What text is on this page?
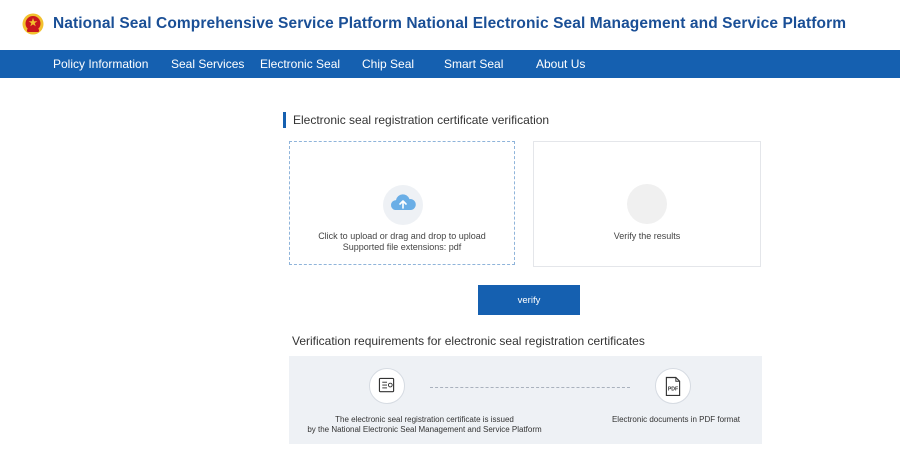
National Seal Comprehensive Service Platform National Electronic Seal Management and Service Platform
Policy Information Seal Services Electronic Seal Chip Seal Smart Seal	About Us
Electronic seal registration certificate verification
Click to upload or drag and drop to upload
Supported file extensions: pdf
Verify the results
verify
Verification requirements for electronic seal registration certificates
PDF
The electronic seal registration certificate is issued
by the National Electronic Seal Management and Service Platform
Electronic documents in PDF format
